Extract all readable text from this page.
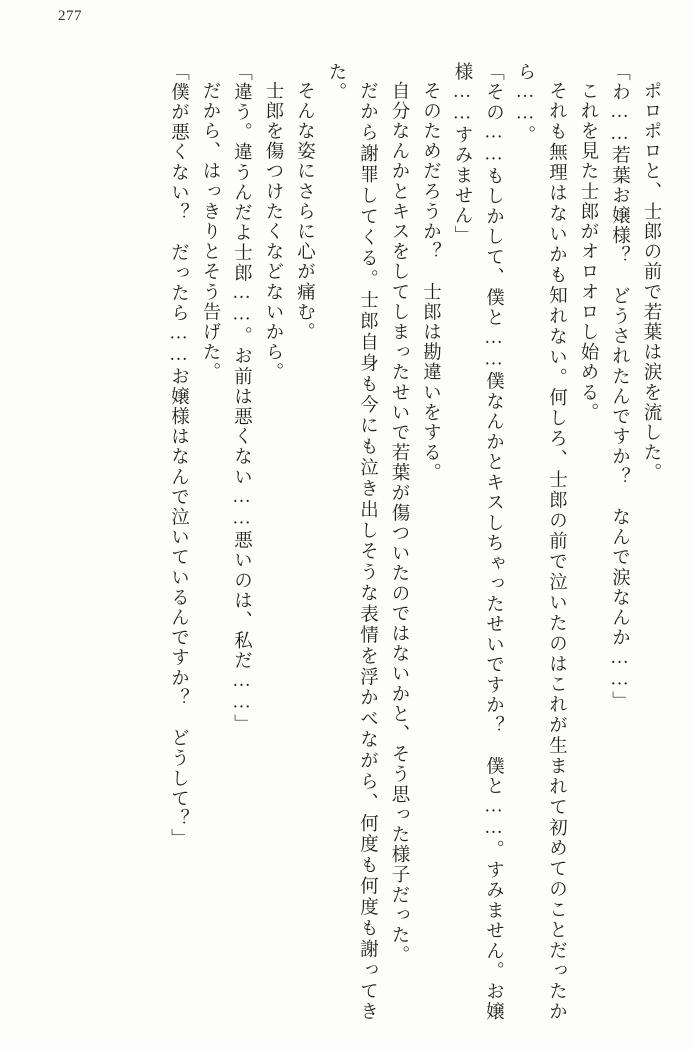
277

ポロポロと、士郎の前で若葉は涙を流した。

「わ……若葉お嬢様？　どうされたんですか？　なんで涙なんか……」

これを見た士郎がオロオロし始める。

それも無理はないかも知れない。何しろ、士郎の前で泣いたのはこれが生まれて初めてのことだったから……。

「その……もしかして、僕と……僕なんかとキスしちゃったせいですか？　僕と……。すみません。お嬢様……すみません」

そのためだろうか？　士郎は勘違いをする。

自分なんかとキスをしてしまったせいで若葉が傷ついたのではないかと、そう思った様子だった。

だから謝罪してくる。士郎自身も今にも泣き出しそうな表情を浮かべながら、何度も何度も謝ってきた。

そんな姿にさらに心が痛む。

士郎を傷つけたくなどないから。

「違う。違うんだよ士郎……。お前は悪くない……悪いのは、私だ……」

だから、はっきりとそう告げた。

「僕が悪くない？　だったら……お嬢様はなんで泣いているんですか？　どうして？」
